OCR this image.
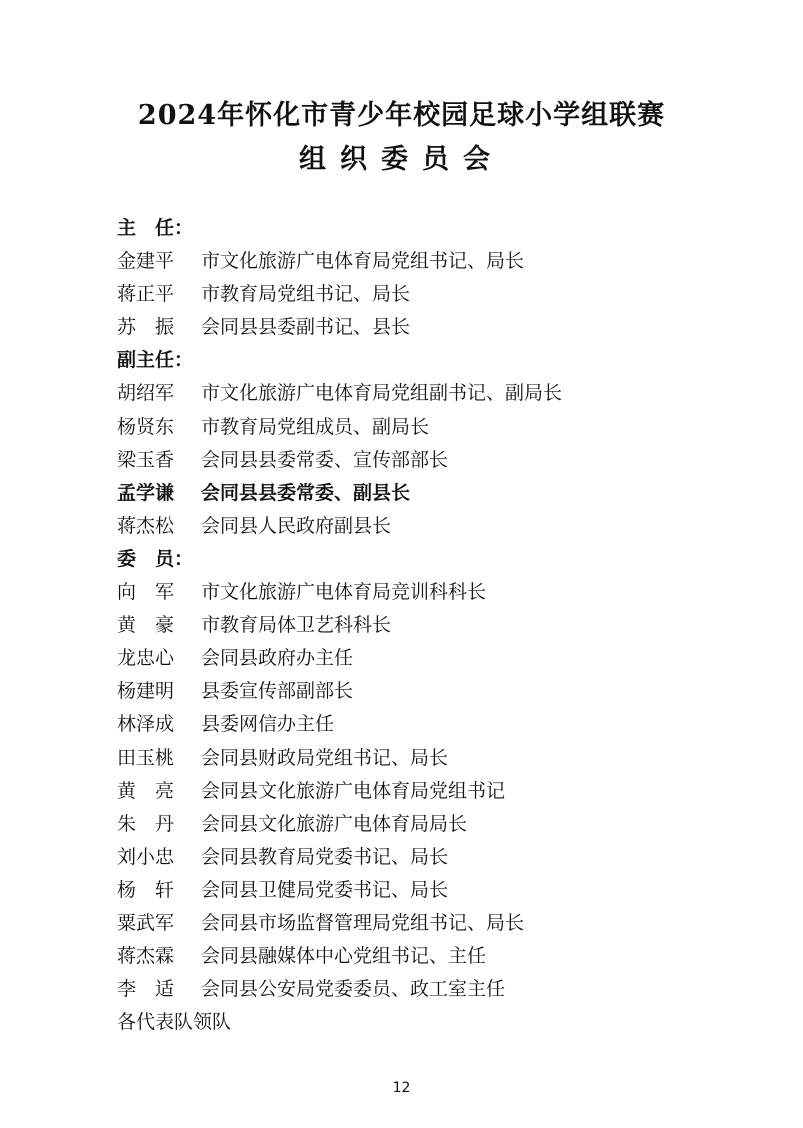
2024年怀化市青少年校园足球小学组联赛
组织委员会
主　任：
金建平 市文化旅游广电体育局党组书记、局长
蒋正平 市教育局党组书记、局长
苏　振 会同县县委副书记、县长
副主任：
胡绍军 市文化旅游广电体育局党组副书记、副局长
杨贤东 市教育局党组成员、副局长
梁玉香 会同县县委常委、宣传部部长
孟学谦 会同县县委常委、副县长
蒋杰松 会同县人民政府副县长
委　员：
向　军 市文化旅游广电体育局竞训科科长
黄　豪 市教育局体卫艺科科长
龙忠心 会同县政府办主任
杨建明 县委宣传部副部长
林泽成 县委网信办主任
田玉桃 会同县财政局党组书记、局长
黄　亮 会同县文化旅游广电体育局党组书记
朱　丹 会同县文化旅游广电体育局局长
刘小忠 会同县教育局党委书记、局长
杨　轩 会同县卫健局党委书记、局长
粟武军 会同县市场监督管理局党组书记、局长
蒋杰霖 会同县融媒体中心党组书记、主任
李　适 会同县公安局党委委员、政工室主任
各代表队领队
12
